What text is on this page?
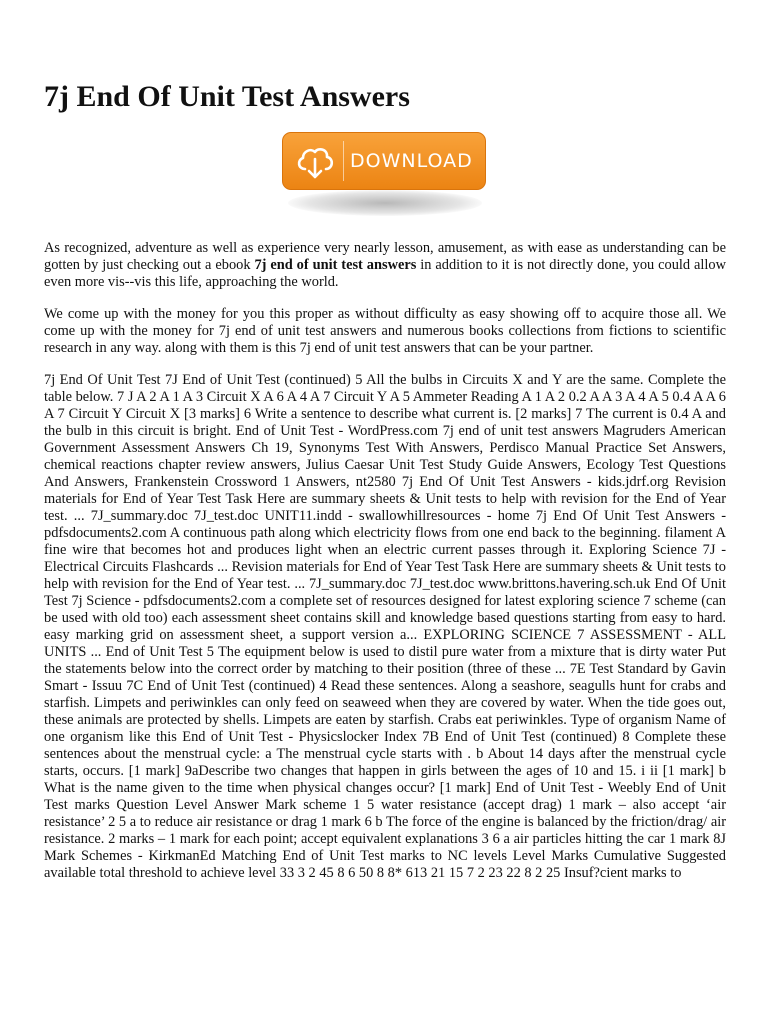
7j End Of Unit Test Answers
DOWNLOAD

As recognized, adventure as well as experience very nearly lesson, amusement, as with ease as understanding can be gotten by just checking out a ebook 7j end of unit test answers in addition to it is not directly done, you could allow even more vis--vis this life, approaching the world.

We come up with the money for you this proper as without difficulty as easy showing off to acquire those all. We come up with the money for 7j end of unit test answers and numerous books collections from fictions to scientific research in any way. along with them is this 7j end of unit test answers that can be your partner.

7j End Of Unit Test 7J End of Unit Test (continued) 5 All the bulbs in Circuits X and Y are the same. Complete the table below. 7 J A 2 A 1 A 3 Circuit X A 6 A 4 A 7 Circuit Y A 5 Ammeter Reading A 1 A 2 0.2 A A 3 A 4 A 5 0.4 A A 6 A 7 Circuit Y Circuit X [3 marks] 6 Write a sentence to describe what current is. [2 marks] 7 The current is 0.4 A and the bulb in this circuit is bright. End of Unit Test - WordPress.com 7j end of unit test answers Magruders American Government Assessment Answers Ch 19, Synonyms Test With Answers, Perdisco Manual Practice Set Answers, chemical reactions chapter review answers, Julius Caesar Unit Test Study Guide Answers, Ecology Test Questions And Answers, Frankenstein Crossword 1 Answers, nt2580 7j End Of Unit Test Answers - kids.jdrf.org Revision materials for End of Year Test Task Here are summary sheets & Unit tests to help with revision for the End of Year test. ... 7J_summary.doc 7J_test.doc UNIT11.indd - swallowhillresources - home 7j End Of Unit Test Answers - pdfsdocuments2.com A continuous path along which electricity flows from one end back to the beginning. filament A fine wire that becomes hot and produces light when an electric current passes through it. Exploring Science 7J - Electrical Circuits Flashcards ... Revision materials for End of Year Test Task Here are summary sheets & Unit tests to help with revision for the End of Year test. ... 7J_summary.doc 7J_test.doc www.brittons.havering.sch.uk End Of Unit Test 7j Science - pdfsdocuments2.com a complete set of resources designed for latest exploring science 7 scheme (can be used with old too) each assessment sheet contains skill and knowledge based questions starting from easy to hard. easy marking grid on assessment sheet, a support version a... EXPLORING SCIENCE 7 ASSESSMENT - ALL UNITS ... End of Unit Test 5 The equipment below is used to distil pure water from a mixture that is dirty water Put the statements below into the correct order by matching to their position (three of these ... 7E Test Standard by Gavin Smart - Issuu 7C End of Unit Test (continued) 4 Read these sentences. Along a seashore, seagulls hunt for crabs and starfish. Limpets and periwinkles can only feed on seaweed when they are covered by water. When the tide goes out, these animals are protected by shells. Limpets are eaten by starfish. Crabs eat periwinkles. Type of organism Name of one organism like this End of Unit Test - Physicslocker Index 7B End of Unit Test (continued) 8 Complete these sentences about the menstrual cycle: a The menstrual cycle starts with . b About 14 days after the menstrual cycle starts, occurs. [1 mark] 9aDescribe two changes that happen in girls between the ages of 10 and 15. i ii [1 mark] b What is the name given to the time when physical changes occur? [1 mark] End of Unit Test - Weebly End of Unit Test marks Question Level Answer Mark scheme 1 5 water resistance (accept drag) 1 mark – also accept ‘air resistance’ 2 5 a to reduce air resistance or drag 1 mark 6 b The force of the engine is balanced by the friction/drag/ air resistance. 2 marks – 1 mark for each point; accept equivalent explanations 3 6 a air particles hitting the car 1 mark 8J Mark Schemes - KirkmanEd Matching End of Unit Test marks to NC levels Level Marks Cumulative Suggested available total threshold to achieve level 33 3 2 45 8 6 50 8 8* 613 21 15 7 2 23 22 8 2 25 Insuf?cient marks to
